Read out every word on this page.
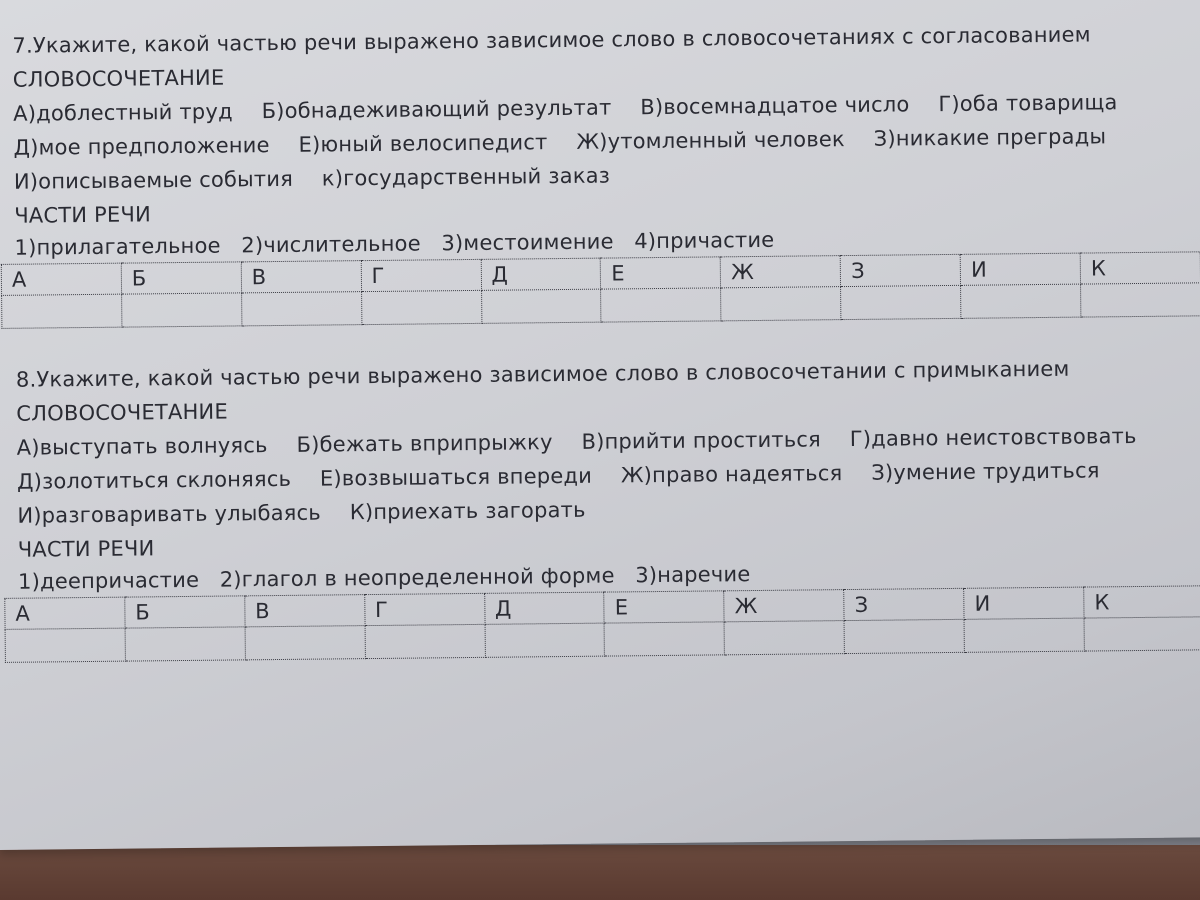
7.Укажите, какой частью речи выражено зависимое слово в словосочетаниях с согласованием
СЛОВОСОЧЕТАНИЕ
А)доблестный труд Б)обнадеживающий результат В)восемнадцатое число Г)оба товарища
Д)мое предположение Е)юный велосипедист Ж)утомленный человек З)никакие преграды
И)описываемые события к)государственный заказ
ЧАСТИ РЕЧИ
1)прилагательное   2)числительное   3)местоимение   4)причастие
А	Б	В	Г	Д	Е	Ж	З	И	К

8.Укажите, какой частью речи выражено зависимое слово в словосочетании с примыканием
СЛОВОСОЧЕТАНИЕ
А)выступать волнуясь Б)бежать вприпрыжку В)прийти проститься Г)давно неистовствовать
Д)золотиться склоняясь Е)возвышаться впереди Ж)право надеяться З)умение трудиться
И)разговаривать улыбаясь К)приехать загорать
ЧАСТИ РЕЧИ
1)деепричастие   2)глагол в неопределенной форме   3)наречие
А	Б	В	Г	Д	Е	Ж	З	И	К
